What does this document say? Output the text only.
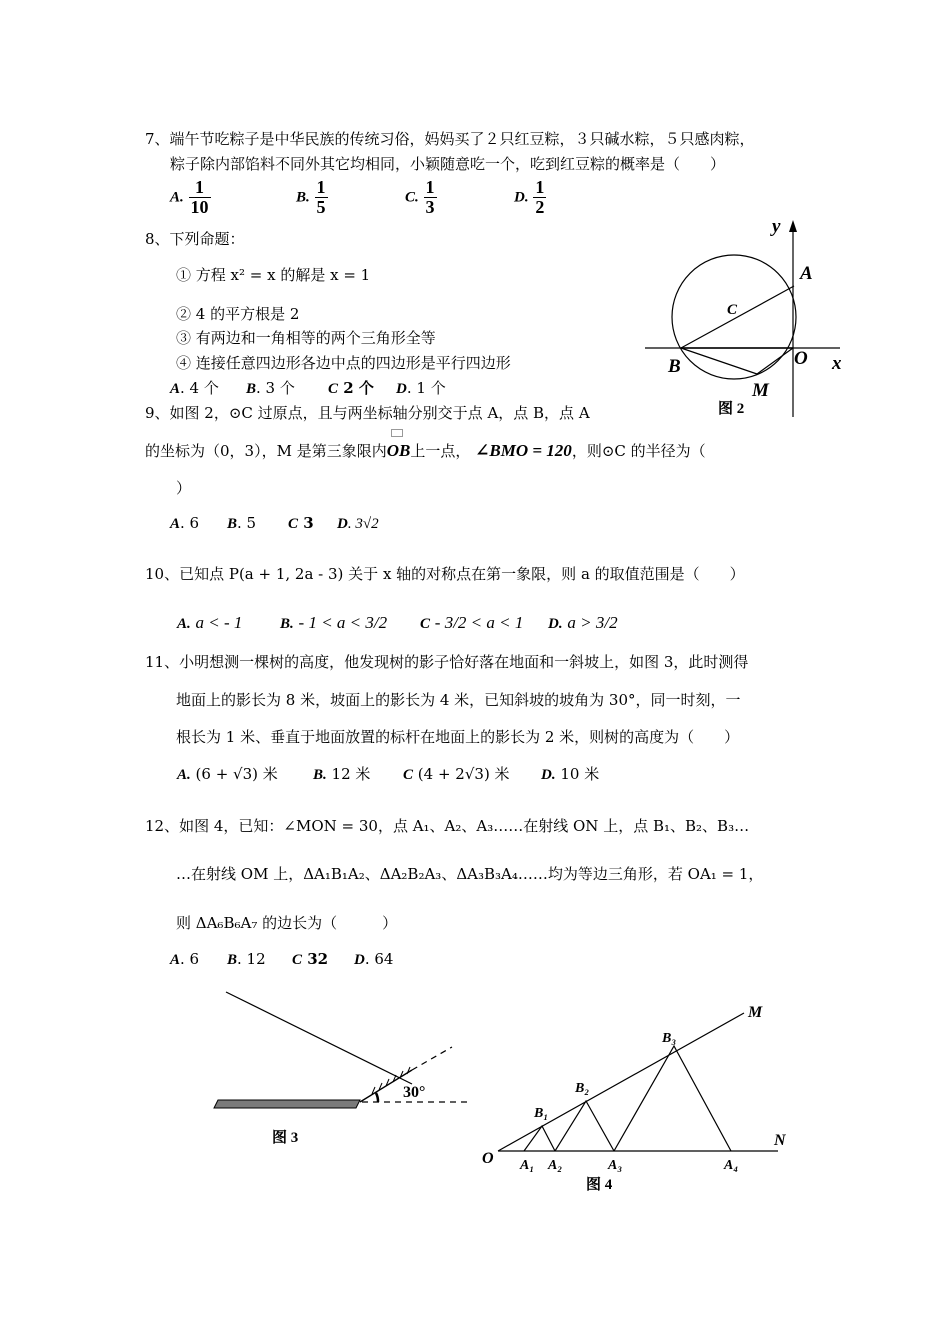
7、端午节吃粽子是中华民族的传统习俗，妈妈买了２只红豆粽，３只碱水粽，５只感肉粽，
粽子除内部馅料不同外其它均相同，小颖随意吃一个，吃到红豆粽的概率是（　　）
A. $\frac{1}{10}$	B. $\frac{1}{5}$	C. $\frac{1}{3}$	D. $\frac{1}{2}$
8、下列命题：
① 方程 x² = x 的解是 x = 1
② 4 的平方根是 2
③ 有两边和一角相等的两个三角形全等
④ 连接任意四边形各边中点的四边形是平行四边形
A. 4 个 B. 3 个 C 2 个 D. 1 个
y
x
A
B	O
M
C
图 2
9、如图 2，⊙C 过原点，且与两坐标轴分别交于点 A，点 B，点 A
的坐标为（0，3），M 是第三象限内
OB上一点， ∠BMO = 120，则⊙C 的半径为（
）
A. 6 B. 5 C 3 D. 3√2
10、已知点 P(a + 1, 2a - 3) 关于 x 轴的对称点在第一象限，则 a 的取值范围是（　　）
A. a < - 1	B. - 1 < a < 3/2 C - 3/2 < a < 1 D. a > 3/2
11、小明想测一棵树的高度，他发现树的影子恰好落在地面和一斜坡上，如图 3，此时测得
地面上的影长为 8 米，坡面上的影长为 4 米，已知斜坡的坡角为 30°，同一时刻，一
根长为 1 米、垂直于地面放置的标杆在地面上的影长为 2 米，则树的高度为（　　）
A. (6 + √3) 米 B. 12 米 C (4 + 2√3) 米 D. 10 米
12、如图 4，已知：∠MON = 30，点 A₁、A₂、A₃……在射线 ON 上，点 B₁、B₂、B₃…
…在射线 OM 上，ΔA₁B₁A₂、ΔA₂B₂A₃、ΔA₃B₃A₄……均为等边三角形，若 OA₁ = 1，
则 ΔA₆B₆A₇ 的边长为（　　　）
A. 6 B. 12 C 32 D. 64
30°
图 3
M
N
O A₁ A₂	A₃	A₄
B₁
B₂
B₃
图 4
